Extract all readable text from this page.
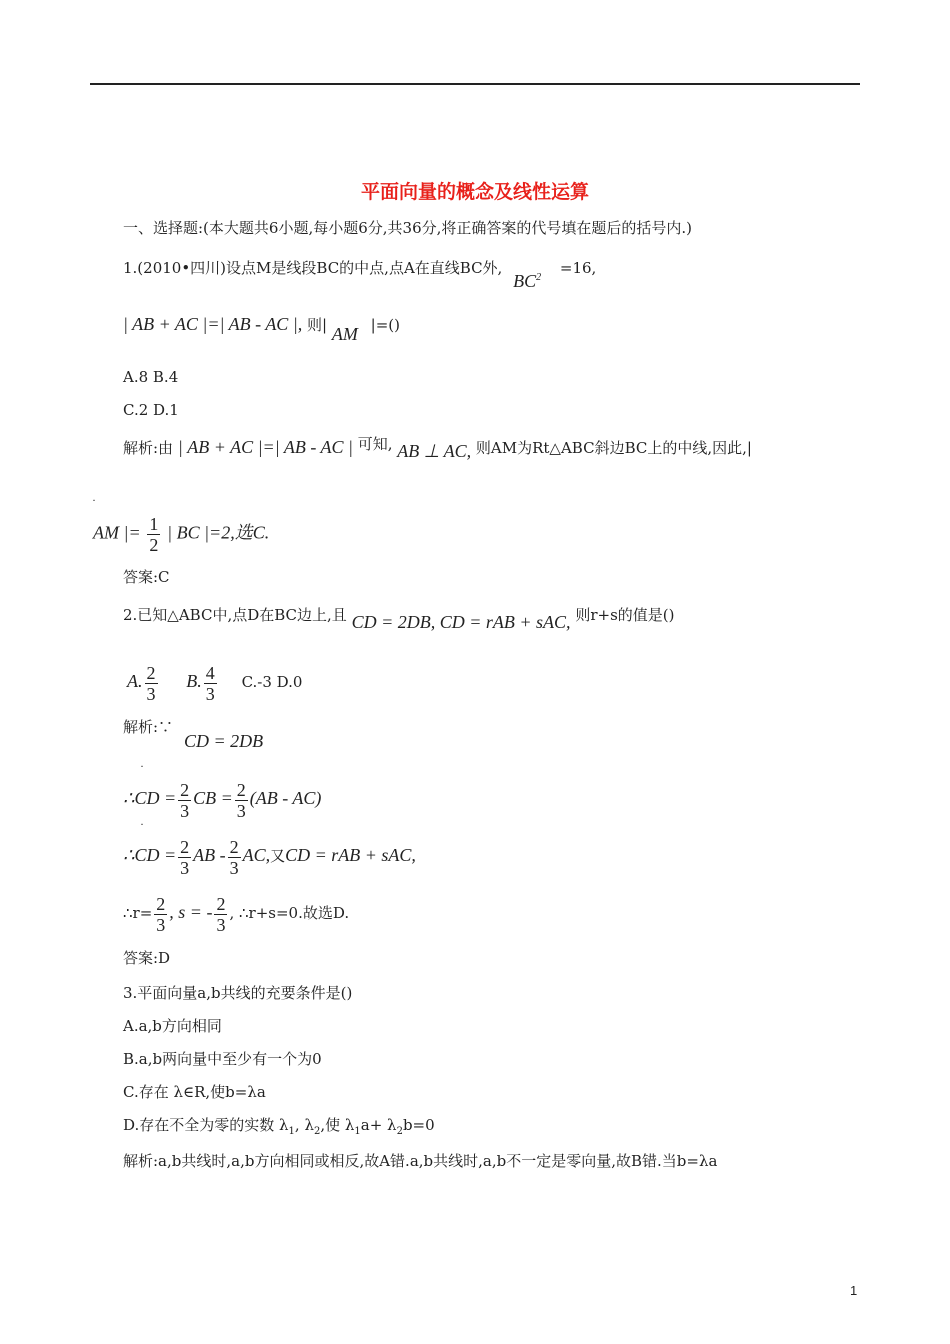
平面向量的概念及线性运算
一、选择题:(本大题共6小题,每小题6分,共36分,将正确答案的代号填在题后的括号内.)
1.(2010•四川)设点M是线段BC的中点,点A在直线BC外, $BC^2 =16$,
| AB + AC |=| AB - AC |, 则| AM |=()
A.8 B.4
C.2 D.1
解析:由 | AB + AC |=| AB - AC | 可知, AB ⊥ AC, 则AM为Rt△ABC斜边BC上的中线,因此,|
˙
AM |= $\frac{1}{2}$ | BC |=2,选C.
答案:C
2.已知△ABC中,点D在BC边上,且 CD = 2DB, CD = rAB + sAC, 则r+s的值是()
A. $\frac{2}{3} B$. $\frac{4}{3} C.-3$ D.0
解析:∵
CD = 2DB
˙
∴CD = $\frac{2}{3}$ CB = $\frac{2}{3} (AB - AC)$
˙
∴CD = $\frac{2}{3}$ AB - $\frac{2}{3}$ AC,又CD = rAB + sAC,
∴r= $\frac{2}{3}$ , s = - $\frac{2}{3}$ , ∴r+s=0.故选D.
答案:D
3.平面向量a,b共线的充要条件是()
A.a,b方向相同
B.a,b两向量中至少有一个为0
C.存在 λ∈R,使b=λa
D.存在不全为零的实数 $\lambda_1$, $\lambda_2$,使 $\lambda_1a+ \lambda_2b=0$
解析:a,b共线时,a,b方向相同或相反,故A错.a,b共线时,a,b不一定是零向量,故B错.当b=λa
1
